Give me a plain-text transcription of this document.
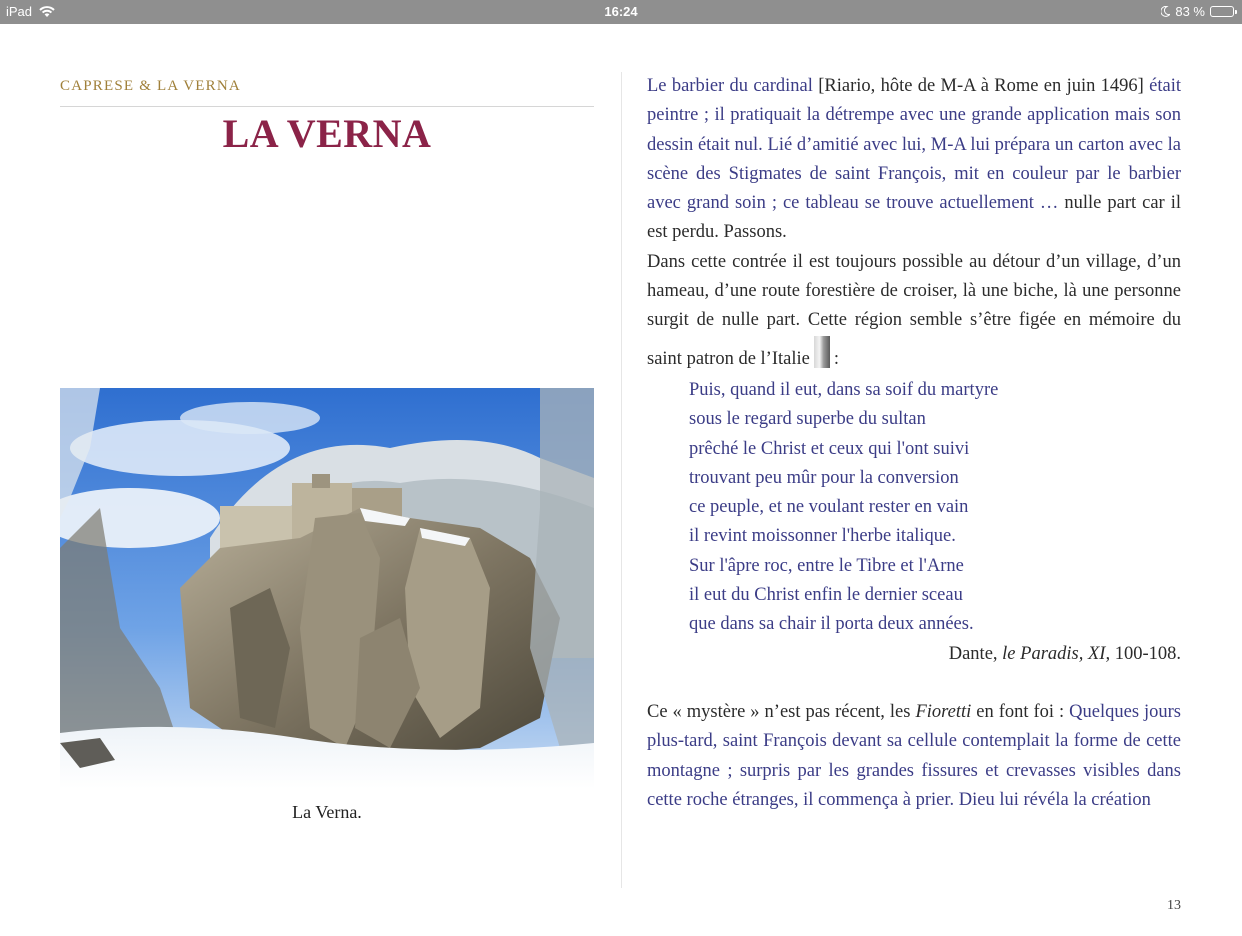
iPad	16:24	83 %
CAPRESE & LA VERNA
LA VERNA
La Verna.

Le barbier du cardinal [Riario, hôte de M-A à Rome en juin 1496] était peintre ; il pratiquait la détrempe avec une grande application mais son dessin était nul. Lié d’amitié avec lui, M-A lui prépara un carton avec la scène des Stigmates de saint François, mit en couleur par le barbier avec grand soin ; ce tableau se trouve actuellement … nulle part car il est perdu. Passons.

Dans cette contrée il est toujours possible au détour d’un village, d’un hameau, d’une route forestière de croiser, là une biche, là une personne surgit de nulle part. Cette région semble s’être figée en mémoire du saint patron de l’Italie :

Puis, quand il eut, dans sa soif du martyre
sous le regard superbe du sultan
prêché le Christ et ceux qui l'ont suivi
trouvant peu mûr pour la conversion
ce peuple, et ne voulant rester en vain
il revint moissonner l'herbe italique.
Sur l'âpre roc, entre le Tibre et l'Arne
il eut du Christ enfin le dernier sceau
que dans sa chair il porta deux années.
Dante, le Paradis, XI, 100-108.

Ce « mystère » n’est pas récent, les Fioretti en font foi : Quelques jours plus-tard, saint François devant sa cellule contemplait la forme de cette montagne ; surpris par les grandes fissures et crevasses visibles dans cette roche étranges, il commença à prier. Dieu lui révéla la création

13
